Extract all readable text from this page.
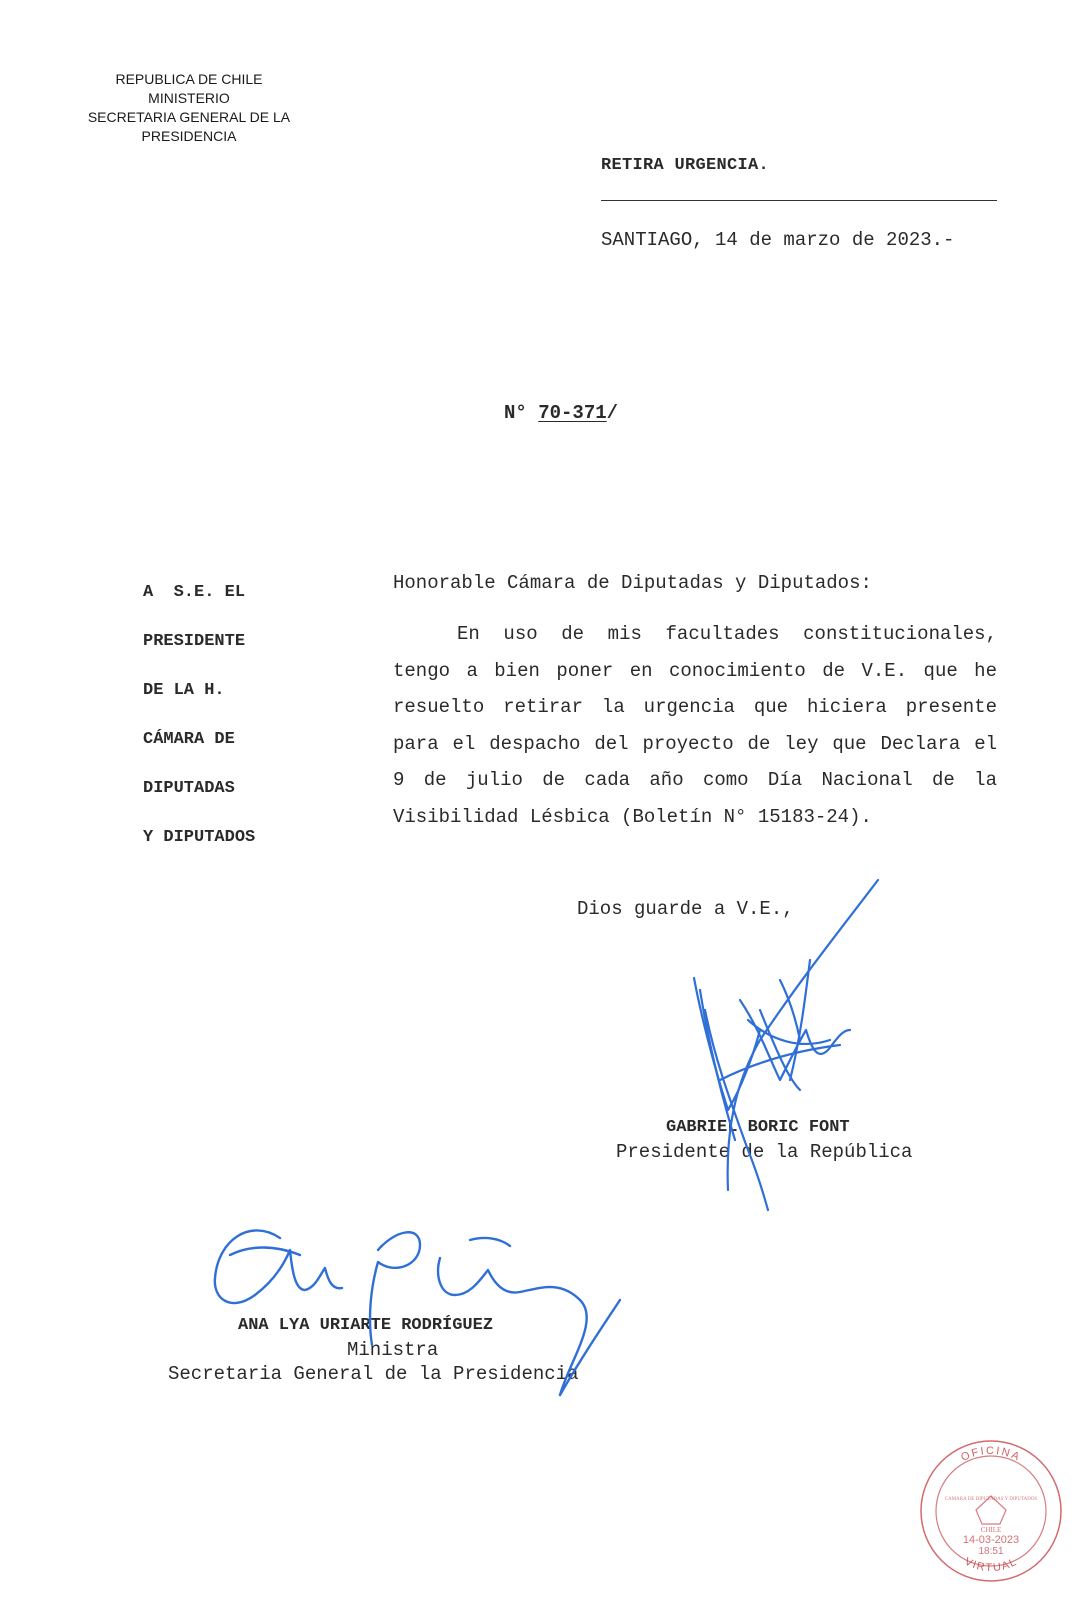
REPUBLICA DE CHILE
MINISTERIO
SECRETARIA GENERAL DE LA PRESIDENCIA
RETIRA URGENCIA.
SANTIAGO, 14 de marzo de 2023.-
N° 70-371/
A  S.E. EL
PRESIDENTE
DE LA H.
CÁMARA DE
DIPUTADAS
Y DIPUTADOS
Honorable Cámara de Diputadas y Diputados:
En uso de mis facultades constitucionales, tengo a bien poner en conocimiento de V.E. que he resuelto retirar la urgencia que hiciera presente para el despacho del proyecto de ley que Declara el 9 de julio de cada año como Día Nacional de la Visibilidad Lésbica (Boletín N° 15183-24).
Dios guarde a V.E.,
GABRIEL BORIC FONT
Presidente de la República
ANA LYA URIARTE RODRÍGUEZ
Ministra
Secretaria General de la Presidencia
OFICINA
CÁMARA DE DIPUTADAS Y DIPUTADOS
CHILE
14-03-2023
18:51
VIRTUAL
